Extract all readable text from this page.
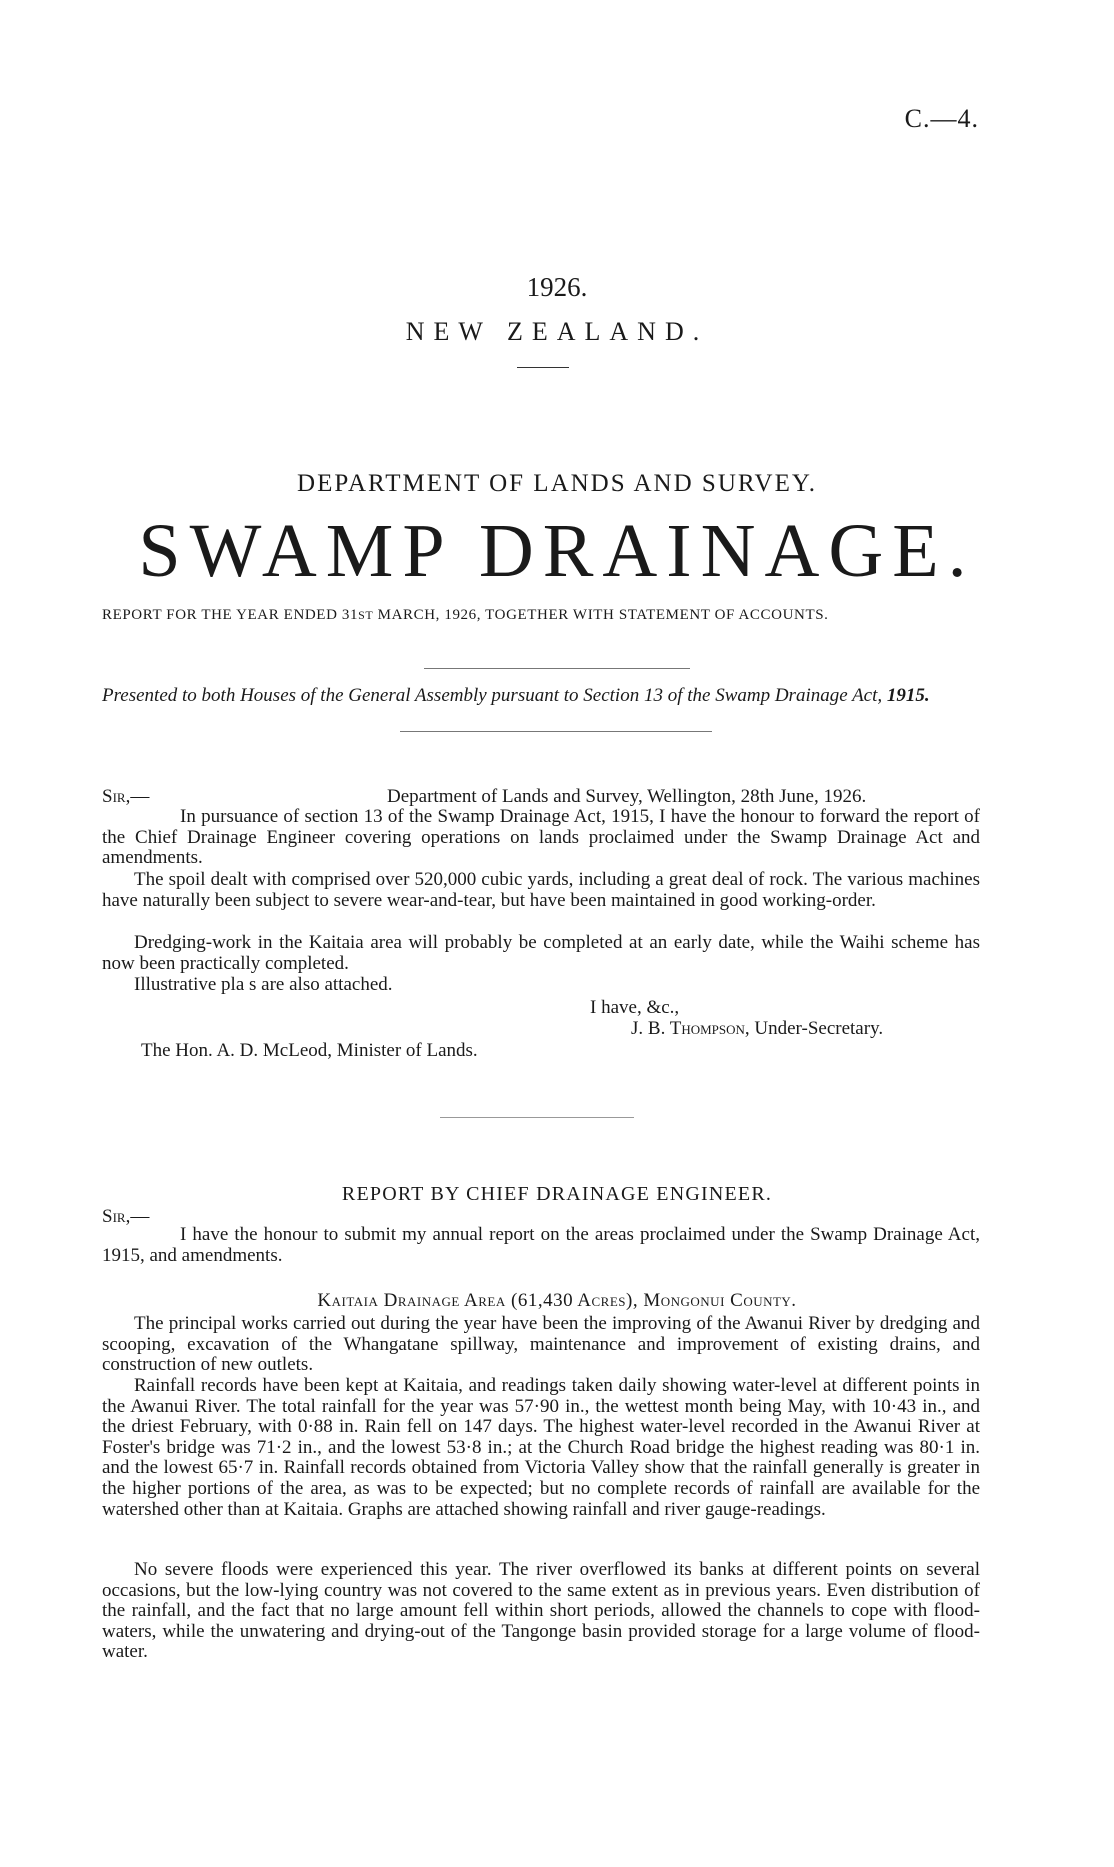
C.—4.
1926.
NEW ZEALAND.
DEPARTMENT OF LANDS AND SURVEY.
SWAMP DRAINAGE.
REPORT FOR THE YEAR ENDED 31ST MARCH, 1926, TOGETHER WITH STATEMENT OF ACCOUNTS.
Presented to both Houses of the General Assembly pursuant to Section 13 of the Swamp Drainage Act, 1915.
Sir,—	Department of Lands and Survey, Wellington, 28th June, 1926.
In pursuance of section 13 of the Swamp Drainage Act, 1915, I have the honour to forward the report of the Chief Drainage Engineer covering operations on lands proclaimed under the Swamp Drainage Act and amendments.
The spoil dealt with comprised over 520,000 cubic yards, including a great deal of rock. The various machines have naturally been subject to severe wear-and-tear, but have been maintained in good working-order.
Dredging-work in the Kaitaia area will probably be completed at an early date, while the Waihi scheme has now been practically completed.
Illustrative pla s are also attached.
I have, &c.,
J. B. Thompson, Under-Secretary.
The Hon. A. D. McLeod, Minister of Lands.
REPORT BY CHIEF DRAINAGE ENGINEER.
Sir,—
I have the honour to submit my annual report on the areas proclaimed under the Swamp Drainage Act, 1915, and amendments.
Kaitaia Drainage Area (61,430 Acres), Mongonui County.
The principal works carried out during the year have been the improving of the Awanui River by dredging and scooping, excavation of the Whangatane spillway, maintenance and improvement of existing drains, and construction of new outlets.
Rainfall records have been kept at Kaitaia, and readings taken daily showing water-level at different points in the Awanui River. The total rainfall for the year was 57·90 in., the wettest month being May, with 10·43 in., and the driest February, with 0·88 in. Rain fell on 147 days. The highest water-level recorded in the Awanui River at Foster's bridge was 71·2 in., and the lowest 53·8 in.; at the Church Road bridge the highest reading was 80·1 in. and the lowest 65·7 in. Rainfall records obtained from Victoria Valley show that the rainfall generally is greater in the higher portions of the area, as was to be expected; but no complete records of rainfall are available for the watershed other than at Kaitaia. Graphs are attached showing rainfall and river gauge-readings.
No severe floods were experienced this year. The river overflowed its banks at different points on several occasions, but the low-lying country was not covered to the same extent as in previous years. Even distribution of the rainfall, and the fact that no large amount fell within short periods, allowed the channels to cope with flood-waters, while the unwatering and drying-out of the Tangonge basin provided storage for a large volume of flood-water.
